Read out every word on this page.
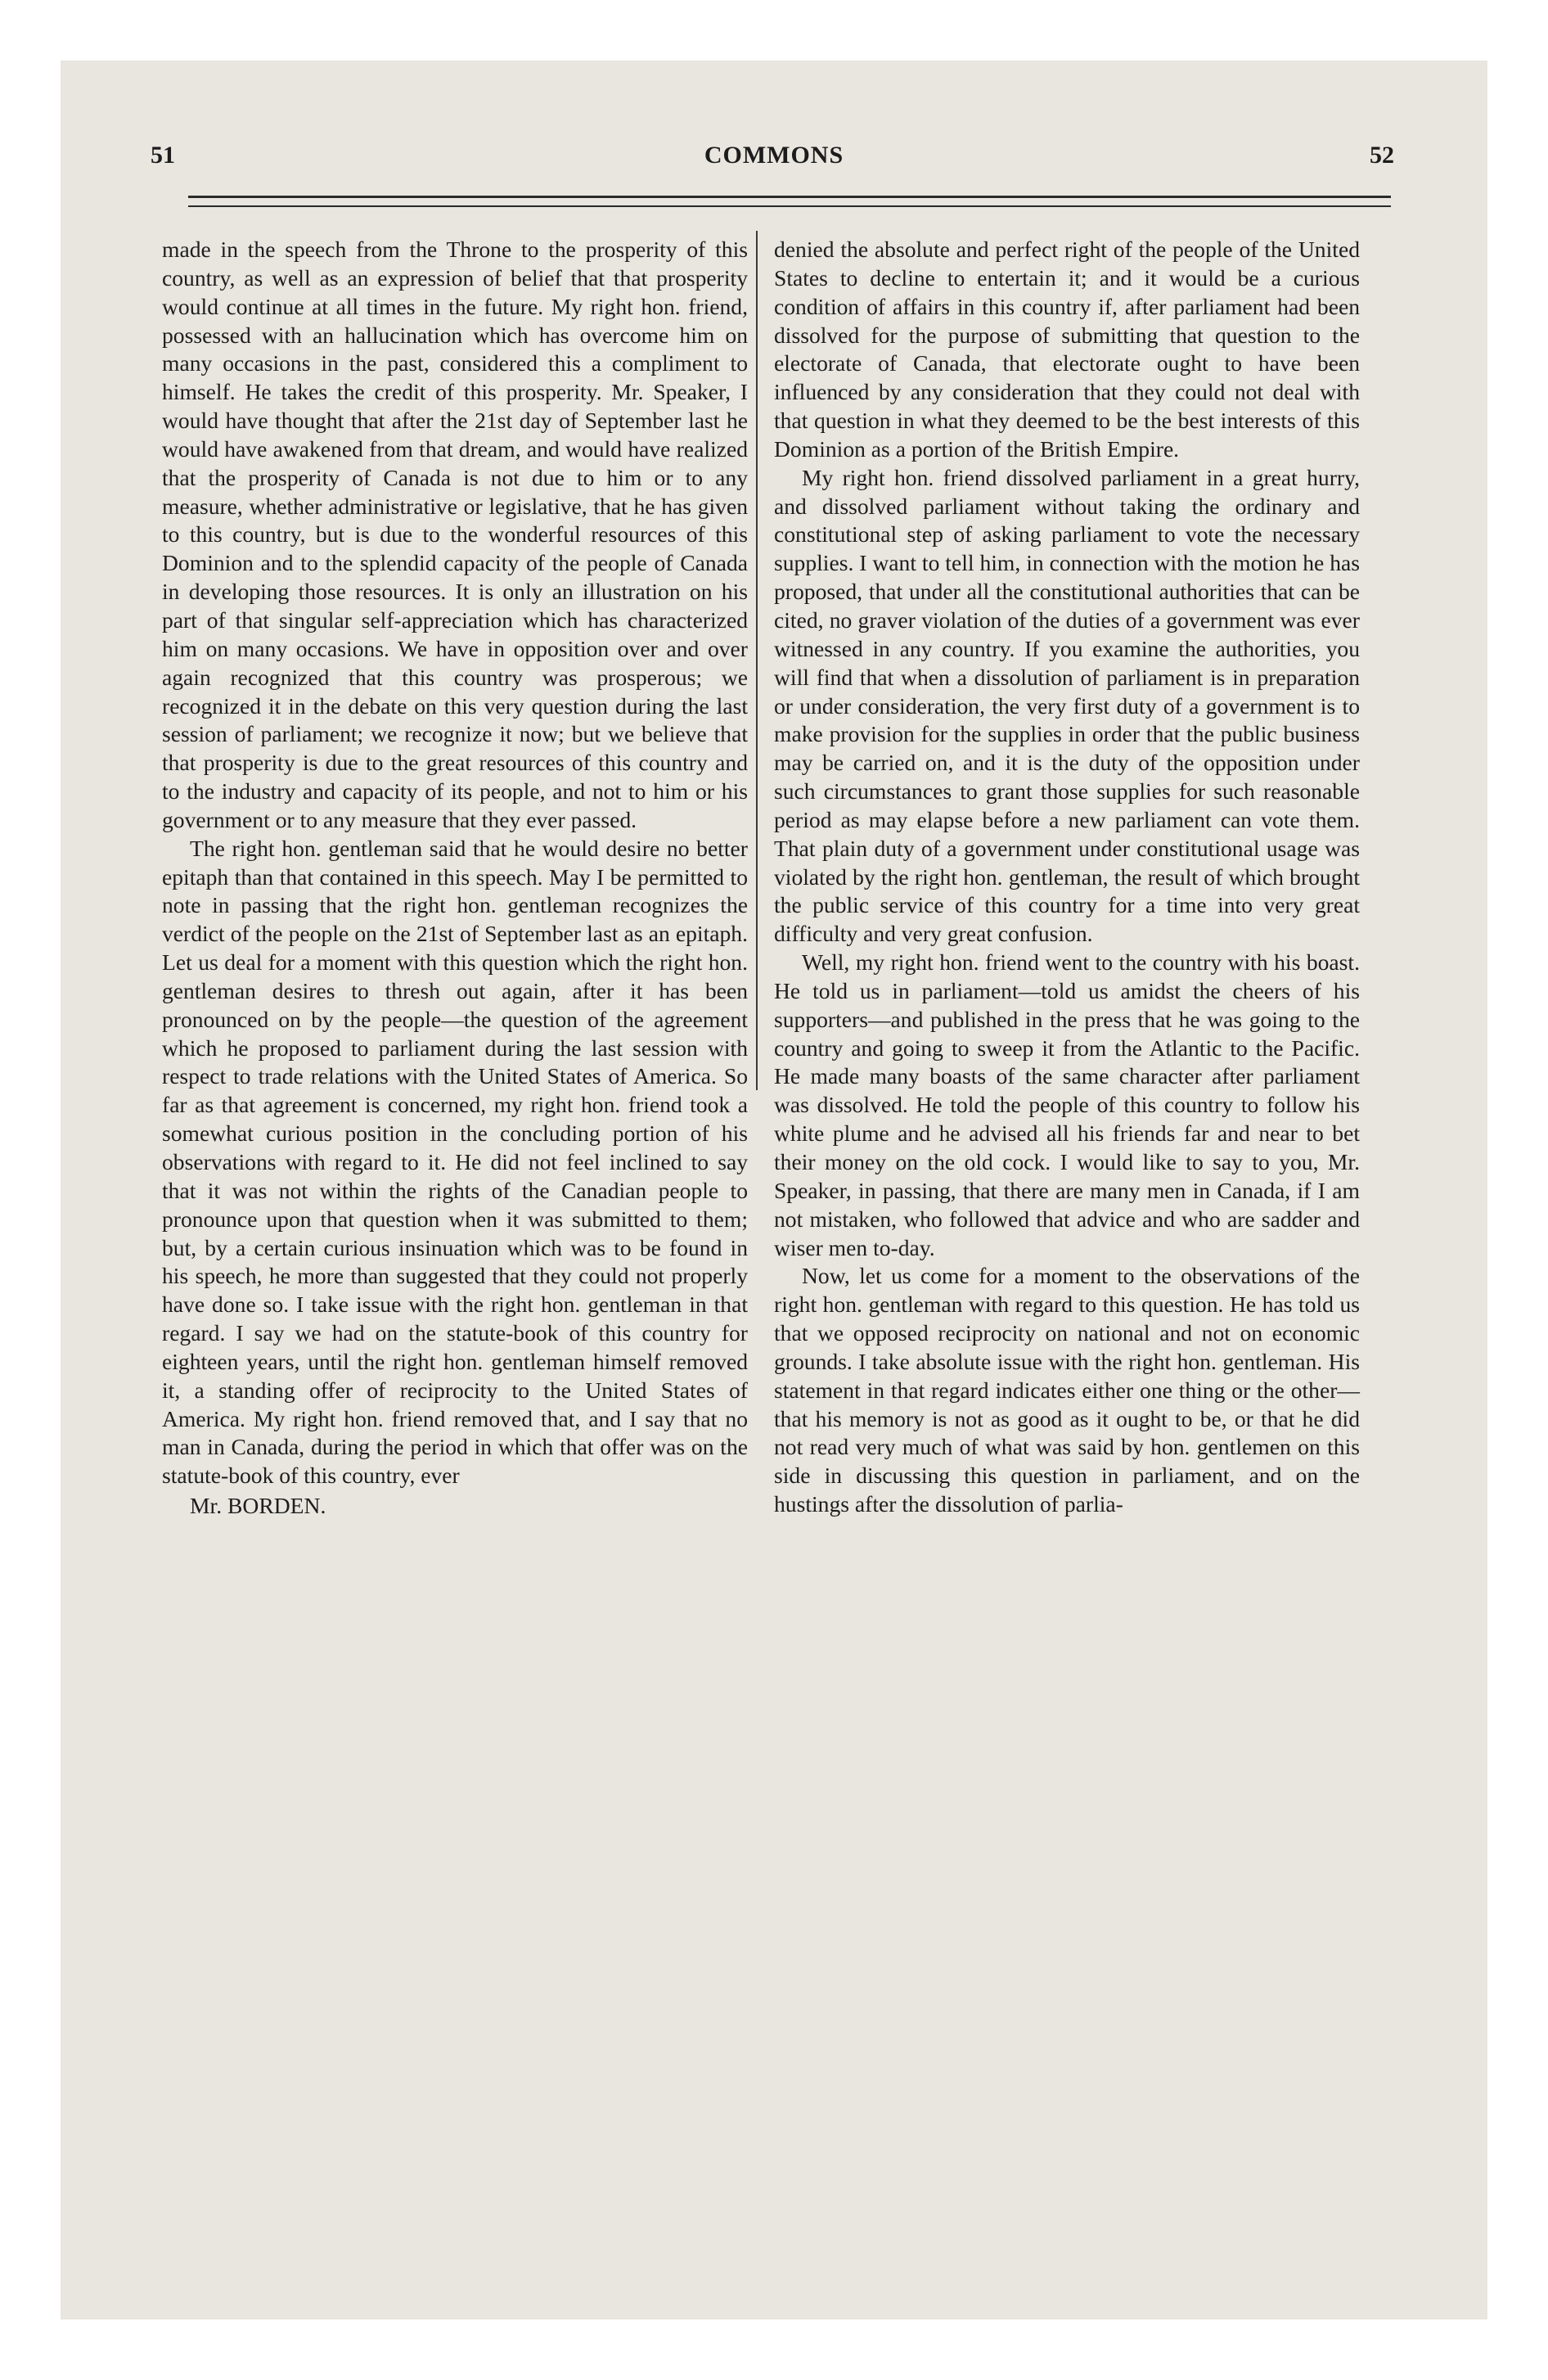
51	COMMONS	52

made in the speech from the Throne to the prosperity of this country, as well as an expression of belief that that prosperity would continue at all times in the future. My right hon. friend, possessed with an hallucination which has overcome him on many occasions in the past, considered this a compliment to himself. He takes the credit of this prosperity. Mr. Speaker, I would have thought that after the 21st day of September last he would have awakened from that dream, and would have realized that the prosperity of Canada is not due to him or to any measure, whether administrative or legislative, that he has given to this country, but is due to the wonderful resources of this Dominion and to the splendid capacity of the people of Canada in developing those resources. It is only an illustration on his part of that singular self-appreciation which has characterized him on many occasions. We have in opposition over and over again recognized that this country was prosperous; we recognized it in the debate on this very question during the last session of parliament; we recognize it now; but we believe that that prosperity is due to the great resources of this country and to the industry and capacity of its people, and not to him or his government or to any measure that they ever passed.

The right hon. gentleman said that he would desire no better epitaph than that contained in this speech. May I be permitted to note in passing that the right hon. gentleman recognizes the verdict of the people on the 21st of September last as an epitaph. Let us deal for a moment with this question which the right hon. gentleman desires to thresh out again, after it has been pronounced on by the people—the question of the agreement which he proposed to parliament during the last session with respect to trade relations with the United States of America. So far as that agreement is concerned, my right hon. friend took a somewhat curious position in the concluding portion of his observations with regard to it. He did not feel inclined to say that it was not within the rights of the Canadian people to pronounce upon that question when it was submitted to them; but, by a certain curious insinuation which was to be found in his speech, he more than suggested that they could not properly have done so. I take issue with the right hon. gentleman in that regard. I say we had on the statute-book of this country for eighteen years, until the right hon. gentleman himself removed it, a standing offer of reciprocity to the United States of America. My right hon. friend removed that, and I say that no man in Canada, during the period in which that offer was on the statute-book of this country, ever

Mr. BORDEN.

denied the absolute and perfect right of the people of the United States to decline to entertain it; and it would be a curious condition of affairs in this country if, after parliament had been dissolved for the purpose of submitting that question to the electorate of Canada, that electorate ought to have been influenced by any consideration that they could not deal with that question in what they deemed to be the best interests of this Dominion as a portion of the British Empire.

My right hon. friend dissolved parliament in a great hurry, and dissolved parliament without taking the ordinary and constitutional step of asking parliament to vote the necessary supplies. I want to tell him, in connection with the motion he has proposed, that under all the constitutional authorities that can be cited, no graver violation of the duties of a government was ever witnessed in any country. If you examine the authorities, you will find that when a dissolution of parliament is in preparation or under consideration, the very first duty of a government is to make provision for the supplies in order that the public business may be carried on, and it is the duty of the opposition under such circumstances to grant those supplies for such reasonable period as may elapse before a new parliament can vote them. That plain duty of a government under constitutional usage was violated by the right hon. gentleman, the result of which brought the public service of this country for a time into very great difficulty and very great confusion.

Well, my right hon. friend went to the country with his boast. He told us in parliament—told us amidst the cheers of his supporters—and published in the press that he was going to the country and going to sweep it from the Atlantic to the Pacific. He made many boasts of the same character after parliament was dissolved. He told the people of this country to follow his white plume and he advised all his friends far and near to bet their money on the old cock. I would like to say to you, Mr. Speaker, in passing, that there are many men in Canada, if I am not mistaken, who followed that advice and who are sadder and wiser men to-day.

Now, let us come for a moment to the observations of the right hon. gentleman with regard to this question. He has told us that we opposed reciprocity on national and not on economic grounds. I take absolute issue with the right hon. gentleman. His statement in that regard indicates either one thing or the other—that his memory is not as good as it ought to be, or that he did not read very much of what was said by hon. gentlemen on this side in discussing this question in parliament, and on the hustings after the dissolution of parlia-
